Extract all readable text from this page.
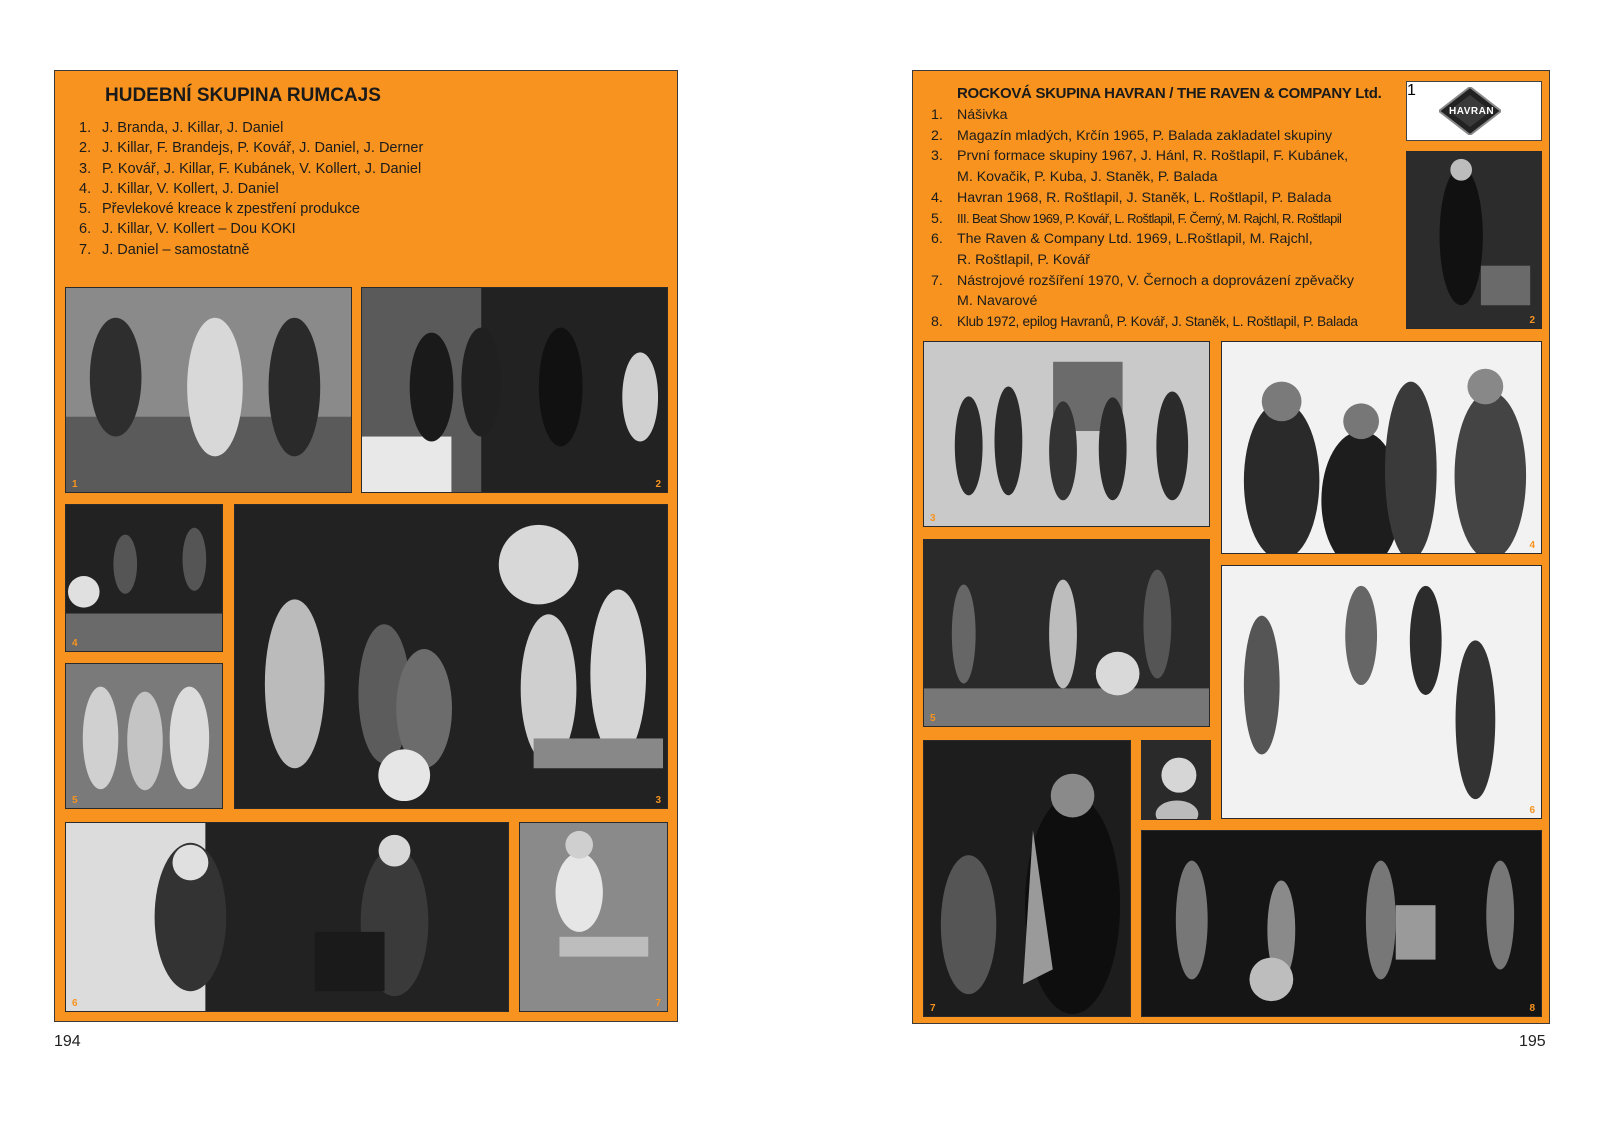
HUDEBNÍ SKUPINA RUMCAJS
1. J. Branda, J. Killar, J. Daniel
2. J. Killar, F. Brandejs, P. Kovář, J. Daniel, J. Derner
3. P. Kovář, J. Killar, F. Kubánek, V. Kollert, J. Daniel
4. J. Killar, V. Kollert, J. Daniel
5. Převlekové kreace k zpestření produkce
6. J. Killar, V. Kollert – Dou KOKI
7. J. Daniel – samostatně
1	2
4
3
5
6	7
194
ROCKOVÁ SKUPINA HAVRAN / THE RAVEN & COMPANY Ltd.
1. Nášivka
2. Magazín mladých, Krčín 1965, P. Balada zakladatel skupiny
3. První formace skupiny 1967, J. Hánl, R. Roštlapil, F. Kubánek,
M. Kovačik, P. Kuba, J. Staněk, P. Balada
4. Havran 1968, R. Roštlapil, J. Staněk, L. Roštlapil, P. Balada
5.	III. Beat Show 1969, P. Kovář, L. Roštlapil, F. Černý, M. Rajchl, R. Roštlapil
6. The Raven & Company Ltd. 1969, L.Roštlapil, M. Rajchl,
R. Roštlapil, P. Kovář
7. Nástrojové rozšíření 1970, V. Černoch a doprovázení zpěvačky
M. Navarové
8.	Klub 1972, epilog Havranů, P. Kovář, J. Staněk, L. Roštlapil, P. Balada
HAVRAN
1
2
3
4
5
6
7	8
195
